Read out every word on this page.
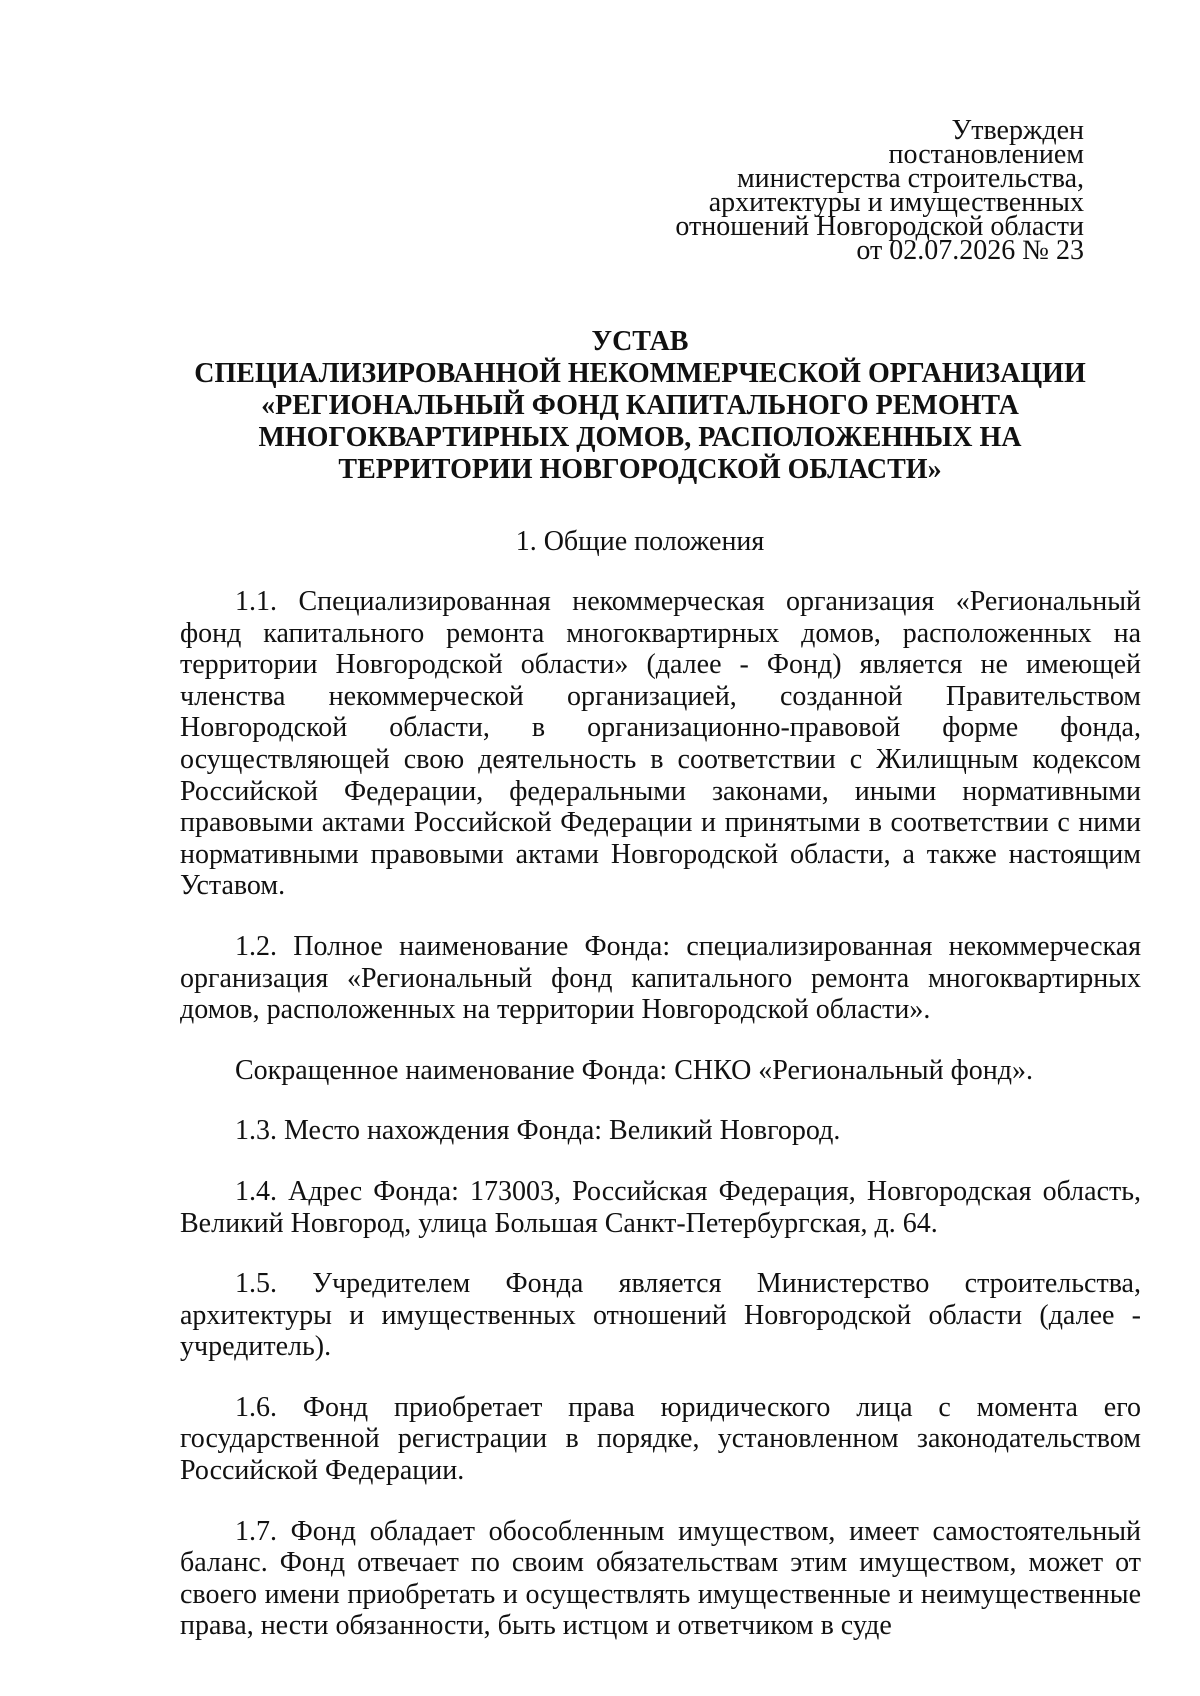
Утвержден
постановлением
министерства строительства,
архитектуры и имущественных
отношений Новгородской области
от 02.07.2026 № 23
УСТАВ
СПЕЦИАЛИЗИРОВАННОЙ НЕКОММЕРЧЕСКОЙ ОРГАНИЗАЦИИ
«РЕГИОНАЛЬНЫЙ ФОНД КАПИТАЛЬНОГО РЕМОНТА
МНОГОКВАРТИРНЫХ ДОМОВ, РАСПОЛОЖЕННЫХ НА
ТЕРРИТОРИИ НОВГОРОДСКОЙ ОБЛАСТИ»
1. Общие положения

1.1. Специализированная некоммерческая организация «Региональный фонд капитального ремонта многоквартирных домов, расположенных на территории Новгородской области» (далее - Фонд) является не имеющей членства некоммерческой организацией, созданной Правительством Новгородской области, в организационно-правовой форме фонда, осуществляющей свою деятельность в соответствии с Жилищным кодексом Российской Федерации, федеральными законами, иными нормативными правовыми актами Российской Федерации и принятыми в соответствии с ними нормативными правовыми актами Новгородской области, а также настоящим Уставом.

1.2. Полное наименование Фонда: специализированная некоммерческая организация «Региональный фонд капитального ремонта многоквартирных домов, расположенных на территории Новгородской области».

Сокращенное наименование Фонда: СНКО «Региональный фонд».

1.3. Место нахождения Фонда: Великий Новгород.

1.4. Адрес Фонда: 173003, Российская Федерация, Новгородская область, Великий Новгород, улица Большая Санкт-Петербургская, д. 64.

1.5. Учредителем Фонда является Министерство строительства, архитектуры и имущественных отношений Новгородской области (далее - учредитель).

1.6. Фонд приобретает права юридического лица с момента его государственной регистрации в порядке, установленном законодательством Российской Федерации.

1.7. Фонд обладает обособленным имуществом, имеет самостоятельный баланс. Фонд отвечает по своим обязательствам этим имуществом, может от своего имени приобретать и осуществлять имущественные и неимущественные права, нести обязанности, быть истцом и ответчиком в суде
